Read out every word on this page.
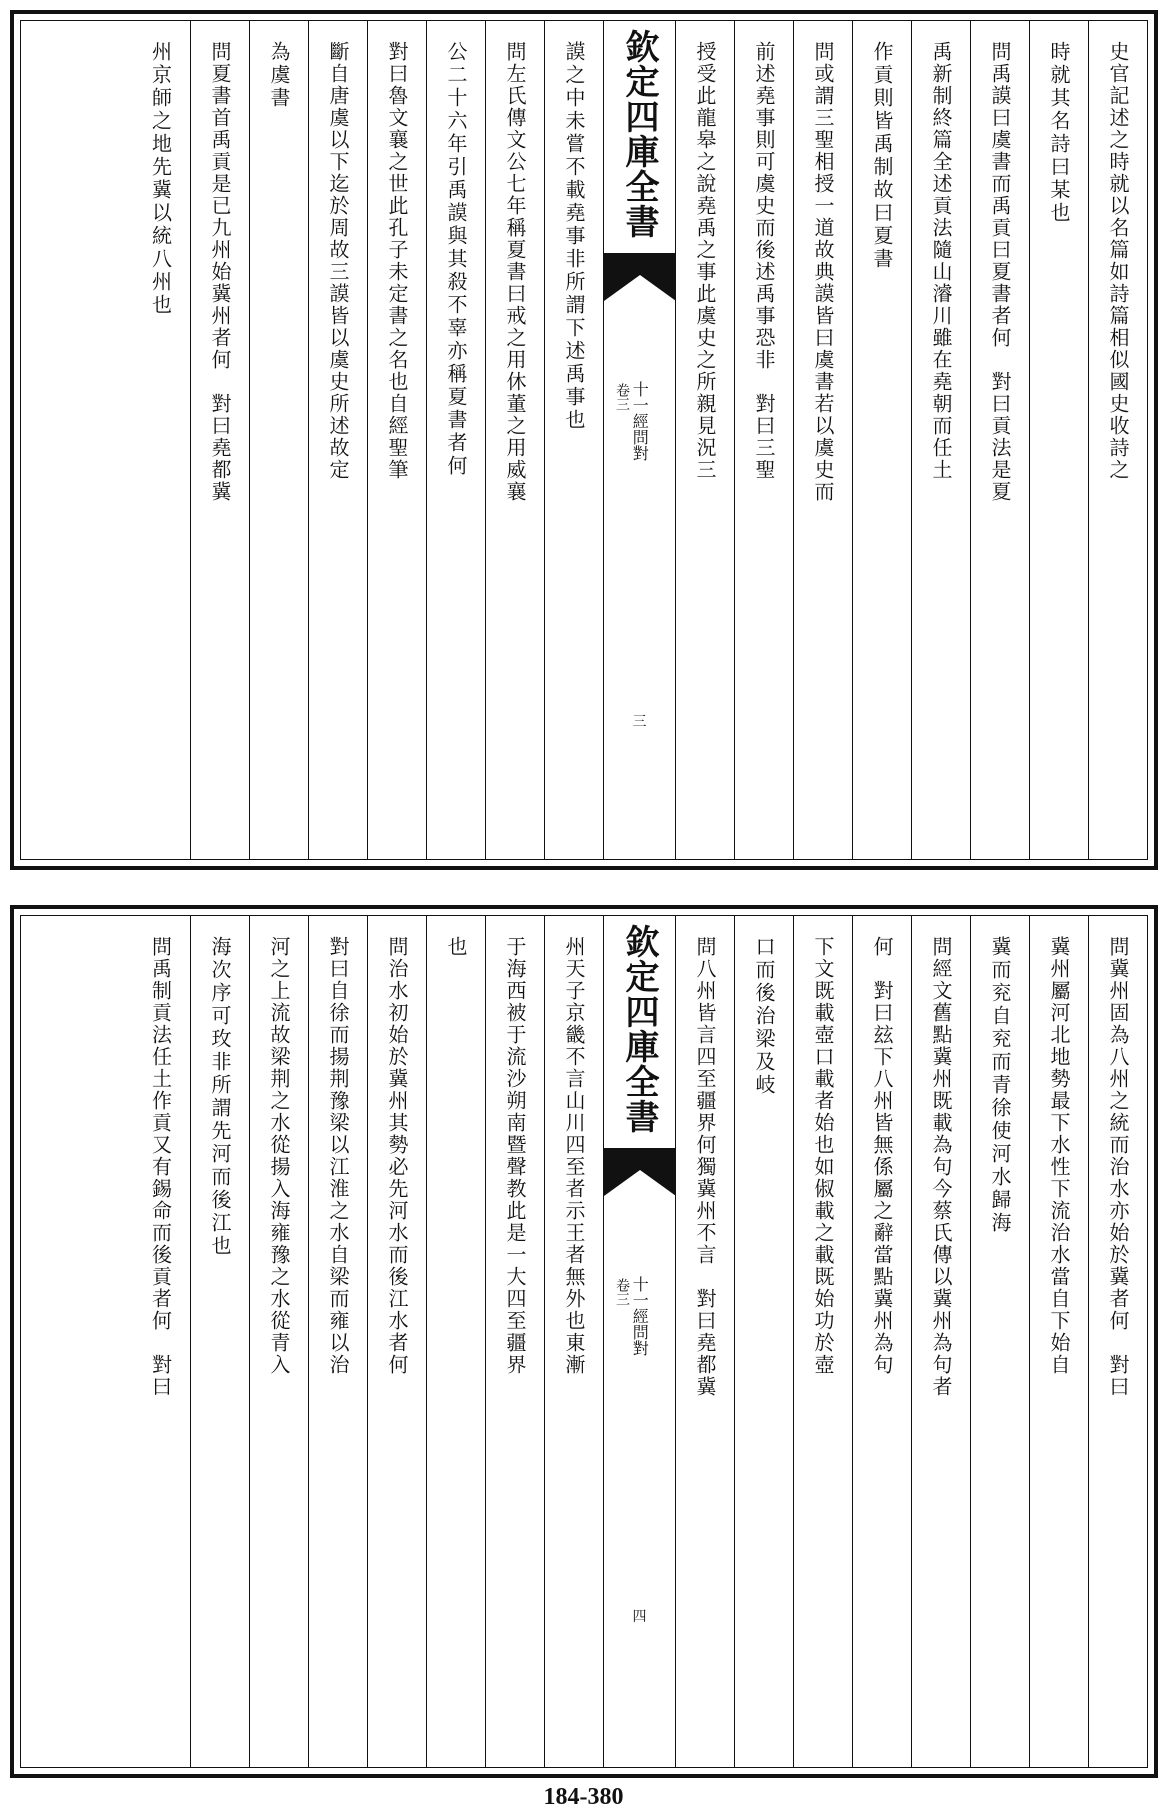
史官記述之時就以名篇如詩篇相似國史收詩之
時就其名詩曰某也
問禹謨曰虞書而禹貢曰夏書者何　對曰貢法是夏
禹新制終篇全述貢法隨山濬川雖在堯朝而任土
作貢則皆禹制故曰夏書
問或謂三聖相授一道故典謨皆曰虞書若以虞史而
前述堯事則可虞史而後述禹事恐非　對曰三聖
授受此龍皋之說堯禹之事此虞史之所親見況三
欽定四庫全書
卷三 十一經問對
三
謨之中未嘗不載堯事非所謂下述禹事也
問左氏傳文公七年稱夏書曰戒之用休董之用威襄
公二十六年引禹謨與其殺不辜亦稱夏書者何
對曰魯文襄之世此孔子未定書之名也自經聖筆
斷自唐虞以下迄於周故三謨皆以虞史所述故定
為虞書
問夏書首禹貢是已九州始冀州者何　對曰堯都冀
州京師之地先冀以統八州也
問冀州固為八州之統而治水亦始於冀者何　對曰
冀州屬河北地勢最下水性下流治水當自下始自
冀而兖自兖而青徐使河水歸海
問經文舊點冀州既載為句今蔡氏傳以冀州為句者
何　對曰玆下八州皆無係屬之辭當點冀州為句
下文既載壺口載者始也如俶載之載既始功於壺
口而後治梁及岐
問八州皆言四至疆界何獨冀州不言　對曰堯都冀
欽定四庫全書
卷三 十一經問對
四
州天子京畿不言山川四至者示王者無外也東漸
于海西被于流沙朔南暨聲教此是一大四至疆界
也
問治水初始於冀州其勢必先河水而後江水者何
對曰自徐而揚荆豫梁以江淮之水自梁而雍以治
河之上流故梁荆之水從揚入海雍豫之水從青入
海次序可玫非所謂先河而後江也
問禹制貢法任土作貢又有錫命而後貢者何　對曰
184-380
